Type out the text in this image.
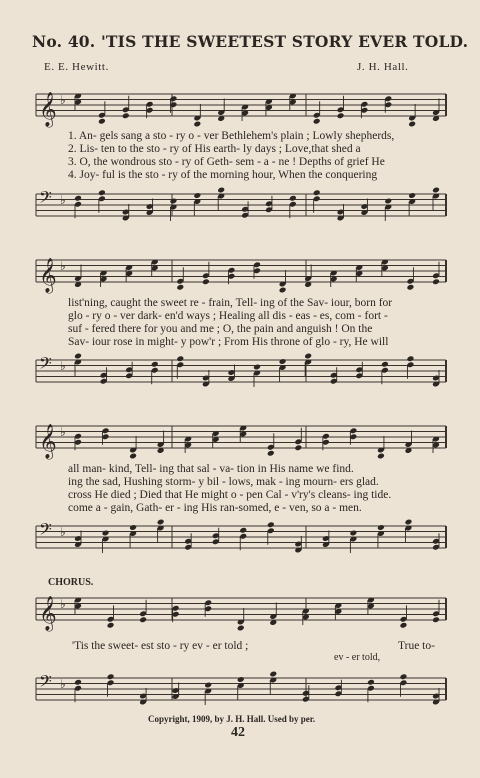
No. 40. 'TIS THE SWEETEST STORY EVER TOLD.
E. E. Hewitt.	J. H. Hall.
𝄞 ♭
1. An- gels sang a sto - ry o - ver Bethlehem's plain ; Lowly shepherds,
2. Lis- ten to the sto - ry of His earth- ly days ; Love,that shed a
3. O, the wondrous sto - ry of Geth- sem - a - ne ! Depths of grief He
4. Joy- ful is the sto - ry of the morning hour, When the conquering
𝄢 ♭
𝄞 ♭
list'ning, caught the sweet re - frain, Tell- ing of the Sav- iour, born for
glo - ry o - ver dark- en'd ways ; Healing all dis - eas - es, com - fort -
suf - fered there for you and me ; O, the pain and anguish ! On the
Sav- iour rose in might- y pow'r ; From His throne of glo - ry, He will
𝄢 ♭
𝄞 ♭
all man- kind, Tell- ing that sal - va- tion in His name we find.
ing the sad, Hushing storm- y bil - lows, mak - ing mourn- ers glad.
cross He died ; Died that He might o - pen Cal - v'ry's cleans- ing tide.
come a - gain, Gath- er - ing His ran-somed, e - ven, so a - men.
𝄢 ♭
CHORUS.
𝄞 ♭
'Tis the sweet- est sto - ry ev - er told ;	True to-
ev - er told,
𝄢 ♭
Copyright, 1909, by J. H. Hall. Used by per.
42
